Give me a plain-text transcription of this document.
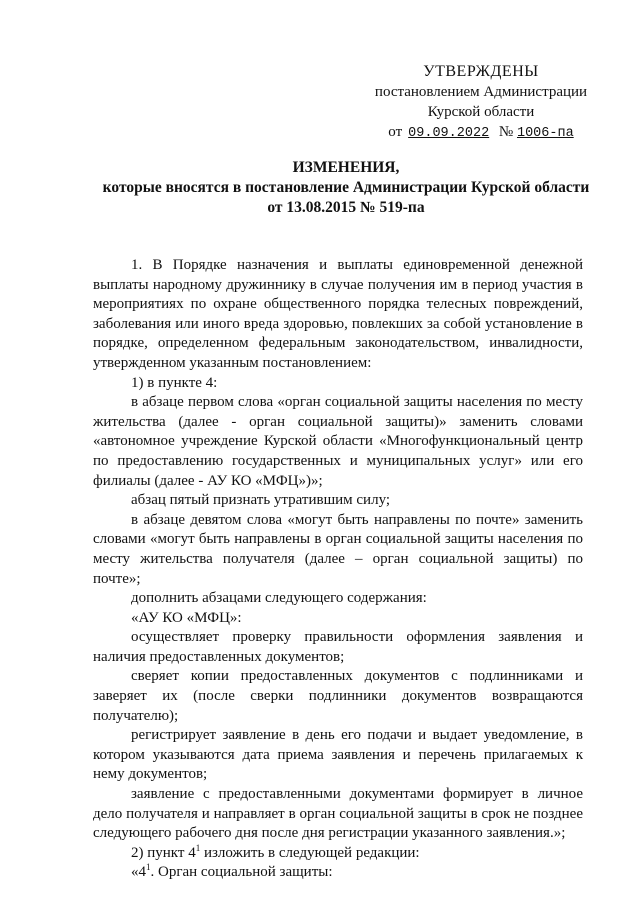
УТВЕРЖДЕНЫ
постановлением Администрации
Курской области
от 09.09.2022 № 1006-па
ИЗМЕНЕНИЯ,
которые вносятся в постановление Администрации Курской области
от 13.08.2015 № 519-па

1. В Порядке назначения и выплаты единовременной денежной выплаты народному дружиннику в случае получения им в период участия в мероприятиях по охране общественного порядка телесных повреждений, заболевания или иного вреда здоровью, повлекших за собой установление в порядке, определенном федеральным законодательством, инвалидности, утвержденном указанным постановлением:

1) в пункте 4:

в абзаце первом слова «орган социальной защиты населения по месту жительства (далее - орган социальной защиты)» заменить словами «автономное учреждение Курской области «Многофункциональный центр по предоставлению государственных и муниципальных услуг» или его филиалы (далее - АУ КО «МФЦ»)»;

абзац пятый признать утратившим силу;

в абзаце девятом слова «могут быть направлены по почте» заменить словами «могут быть направлены в орган социальной защиты населения по месту жительства получателя (далее – орган социальной защиты) по почте»;

дополнить абзацами следующего содержания:

«АУ КО «МФЦ»:

осуществляет проверку правильности оформления заявления и наличия предоставленных документов;

сверяет копии предоставленных документов с подлинниками и заверяет их (после сверки подлинники документов возвращаются получателю);

регистрирует заявление в день его подачи и выдает уведомление, в котором указываются дата приема заявления и перечень прилагаемых к нему документов;

заявление с предоставленными документами формирует в личное дело получателя и направляет в орган социальной защиты в срок не позднее следующего рабочего дня после дня регистрации указанного заявления.»;

2) пункт $4^1$ изложить в следующей редакции:

«$4^1$. Орган социальной защиты:
